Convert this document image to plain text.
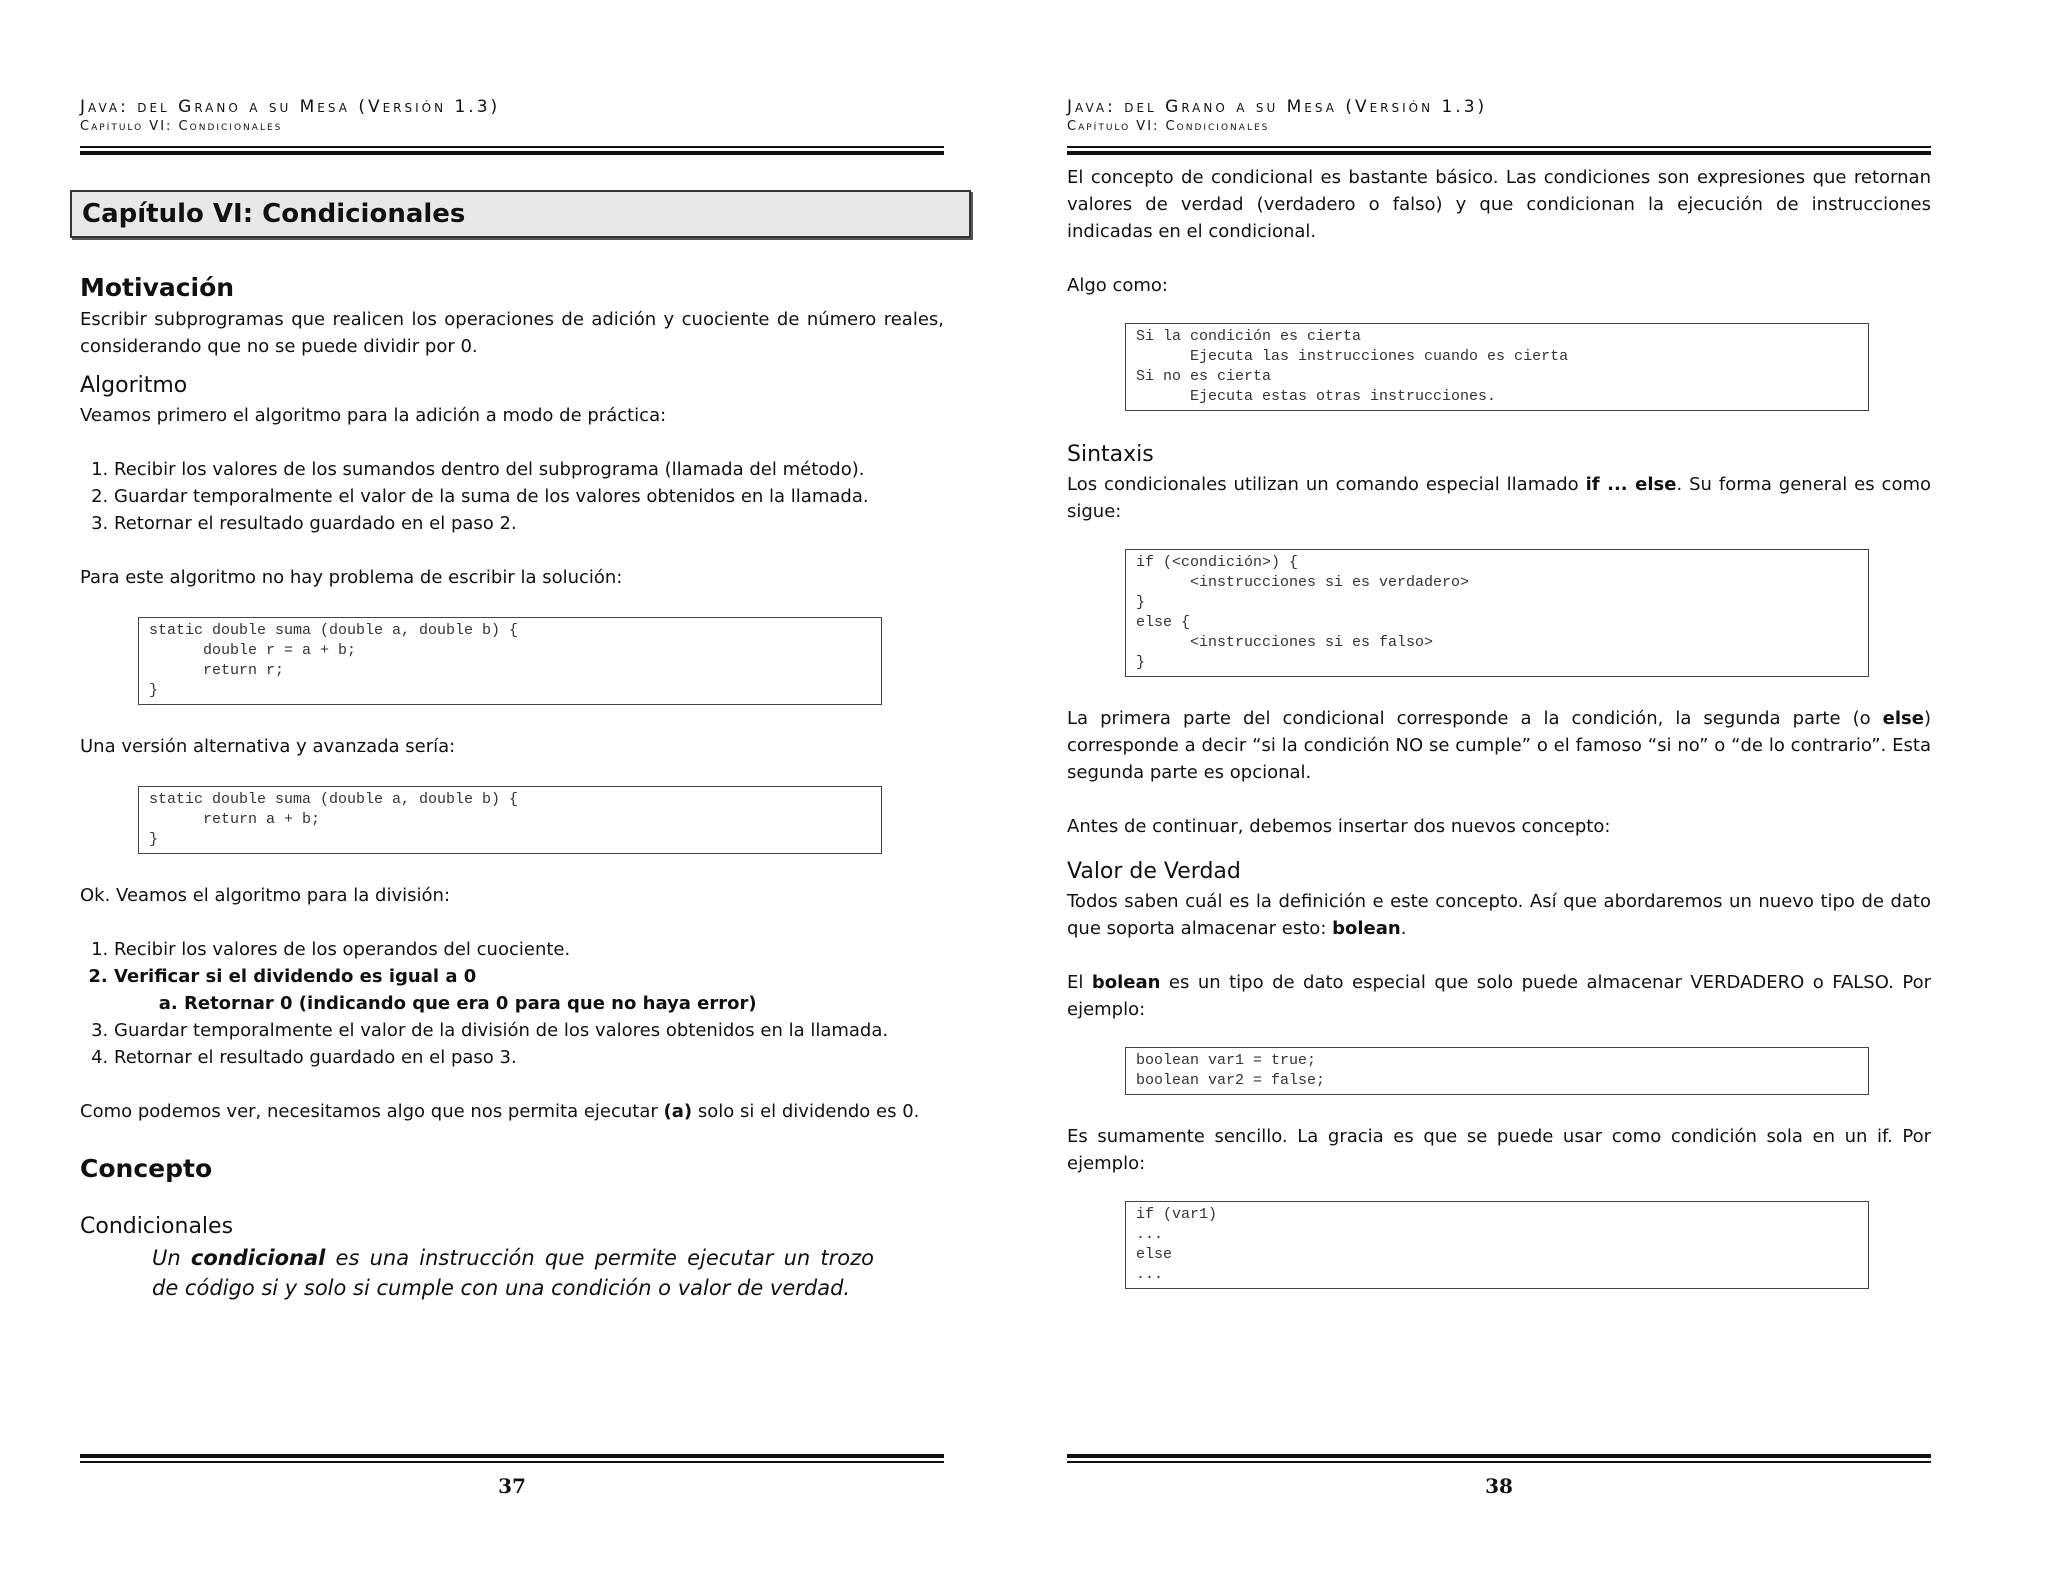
Java: del Grano a su Mesa (Versión 1.3)
Capítulo VI: Condicionales
Capítulo VI: Condicionales
Motivación

Escribir subprogramas que realicen los operaciones de adición y cuociente de número reales, considerando que no se puede dividir por 0.

Algoritmo

Veamos primero el algoritmo para la adición a modo de práctica:

1. Recibir los valores de los sumandos dentro del subprograma (llamada del método).
2. Guardar temporalmente el valor de la suma de los valores obtenidos en la llamada.
3. Retornar el resultado guardado en el paso 2.

Para este algoritmo no hay problema de escribir la solución:

static double suma (double a, double b) {
double r = a + b;
return r;
}

Una versión alternativa y avanzada sería:

static double suma (double a, double b) {
return a + b;
}

Ok. Veamos el algoritmo para la división:

1. Recibir los valores de los operandos del cuociente.
2. Verificar si el dividendo es igual a 0
a. Retornar 0 (indicando que era 0 para que no haya error)
3. Guardar temporalmente el valor de la división de los valores obtenidos en la llamada.
4. Retornar el resultado guardado en el paso 3.

Como podemos ver, necesitamos algo que nos permita ejecutar (a) solo si el dividendo es 0.

Concepto
Condicionales
Un condicional es una instrucción que permite ejecutar un trozo de código si y solo si cumple con una condición o valor de verdad.
37
Java: del Grano a su Mesa (Versión 1.3)
Capítulo VI: Condicionales

El concepto de condicional es bastante básico. Las condiciones son expresiones que retornan valores de verdad (verdadero o falso) y que condicionan la ejecución de instrucciones indicadas en el condicional.

Algo como:

Si la condición es cierta
Ejecuta las instrucciones cuando es cierta
Si no es cierta
Ejecuta estas otras instrucciones.
Sintaxis

Los condicionales utilizan un comando especial llamado if ... else. Su forma general es como sigue:

if (<condición>) {
<instrucciones si es verdadero>
}
else {
<instrucciones si es falso>
}

La primera parte del condicional corresponde a la condición, la segunda parte (o else) corresponde a decir “si la condición NO se cumple” o el famoso “si no” o “de lo contrario”. Esta segunda parte es opcional.

Antes de continuar, debemos insertar dos nuevos concepto:

Valor de Verdad

Todos saben cuál es la definición e este concepto. Así que abordaremos un nuevo tipo de dato que soporta almacenar esto: bolean.

El bolean es un tipo de dato especial que solo puede almacenar VERDADERO o FALSO. Por ejemplo:

boolean var1 = true;
boolean var2 = false;

Es sumamente sencillo. La gracia es que se puede usar como condición sola en un if. Por ejemplo:

if (var1)
...
else
...
38
